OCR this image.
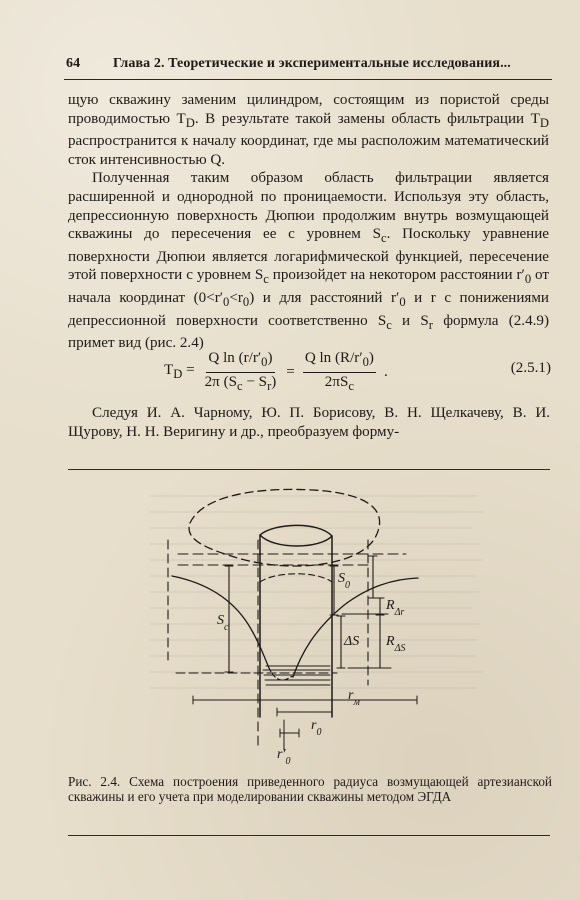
64 Глава 2. Теоретические и экспериментальные исследования...

щую скважину заменим цилиндром, состоящим из пористой среды проводимостью $T_D$. В результате такой замены область фильтрации $T_D$ распространится к началу координат, где мы расположим математический сток интенсивностью Q.

Полученная таким образом область фильтрации является расширенной и однородной по проницаемости. Используя эту область, депрессионную поверхность Дюпюи продолжим внутрь возмущающей скважины до пересечения ее с уровнем $S_c$. Поскольку уравнение поверхности Дюпюи является логарифмической функцией, пересечение этой поверхности с уровнем $S_c$ произойдет на некотором расстоянии $r'_0$ от начала координат $(0<r'_0<r_0)$ и для расстояний $r'_0$ и r с понижениями депрессионной поверхности соответственно $S_c$ и $S_r$ формула (2.4.9) примет вид (рис. 2.4)

$T_D = \frac{Q \ln (r/r'_0)}{2\pi (S_c - S_r)} = \frac{Q \ln (R/r'_0)}{2\pi S_c}$ .	(2.5.1)

Следуя И. А. Чарному, Ю. П. Борисову, В. Н. Щелкачеву, В. И. Щурову, Н. Н. Веригину и др., преобразуем форму-

$S_c$
$S_0$
$R_{\Delta r}$
ΔS $R_{\Delta S}$
$r_м$
$r_0$
$r'_0$
Рис. 2.4. Схема построения приведенного радиуса возмущающей артезианской скважины и его учета при моделировании скважины методом ЭГДА
